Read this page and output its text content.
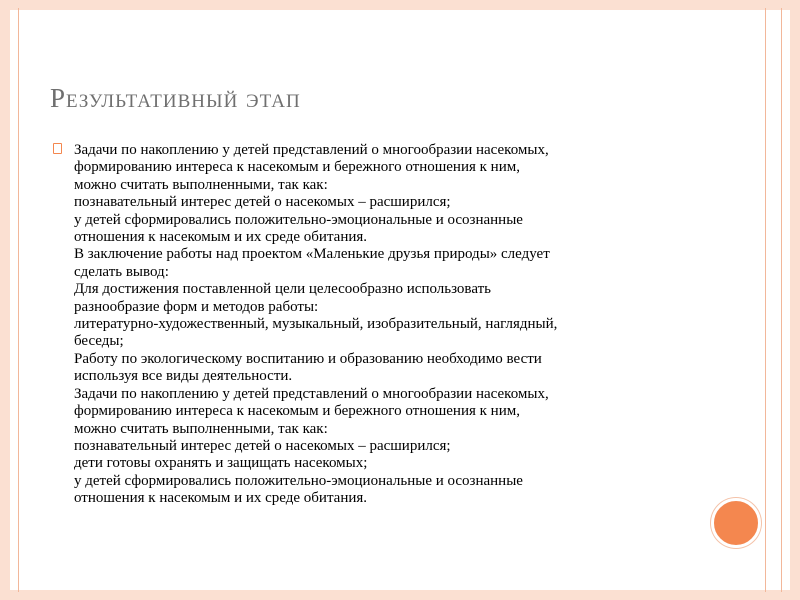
Результативный этап
Задачи по накоплению у детей представлений о многообразии насекомых,
формированию интереса к насекомым и бережного отношения к ним,
можно считать выполненными, так как:
познавательный интерес детей о насекомых – расширился;
у детей сформировались положительно-эмоциональные и осознанные
отношения к насекомым и их среде обитания.
В заключение работы над проектом «Маленькие друзья природы» следует
сделать вывод:
Для достижения поставленной цели целесообразно использовать
разнообразие форм и методов работы:
литературно-художественный, музыкальный, изобразительный, наглядный,
беседы;
Работу по экологическому воспитанию и образованию необходимо вести
используя все виды деятельности.
Задачи по накоплению у детей представлений о многообразии насекомых,
формированию интереса к насекомым и бережного отношения к ним,
можно считать выполненными, так как:
познавательный интерес детей о насекомых – расширился;
дети готовы охранять и защищать насекомых;
у детей сформировались положительно-эмоциональные и осознанные
отношения к насекомым и их среде обитания.
